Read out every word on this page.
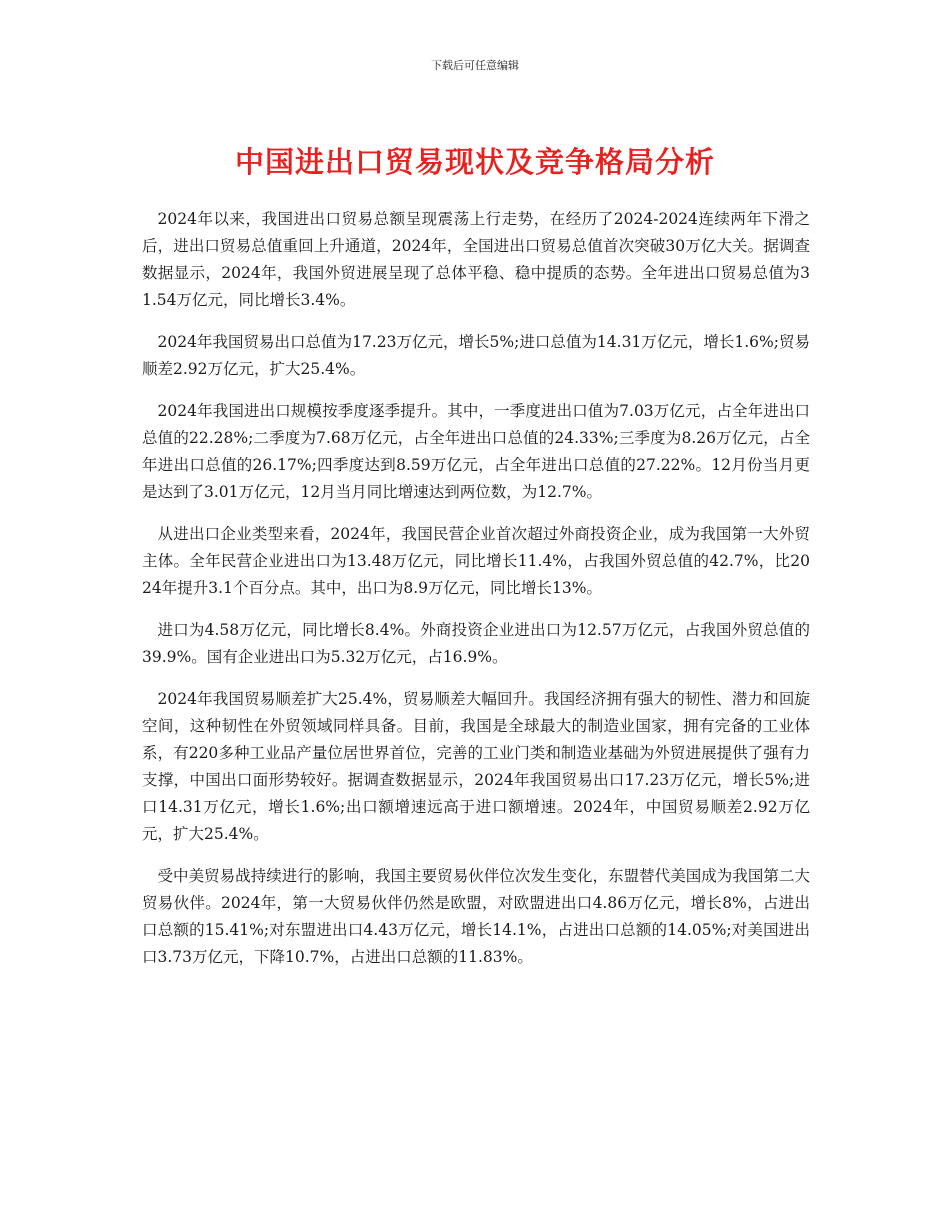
下载后可任意编辑
中国进出口贸易现状及竞争格局分析

2024年以来，我国进出口贸易总额呈现震荡上行走势，在经历了2024-2024连续两年下滑之后，进出口贸易总值重回上升通道，2024年，全国进出口贸易总值首次突破30万亿大关。据调查数据显示，2024年，我国外贸进展呈现了总体平稳、稳中提质的态势。全年进出口贸易总值为31.54万亿元，同比增长3.4%。

2024年我国贸易出口总值为17.23万亿元，增长5%;进口总值为14.31万亿元，增长1.6%;贸易顺差2.92万亿元，扩大25.4%。

2024年我国进出口规模按季度逐季提升。其中，一季度进出口值为7.03万亿元，占全年进出口总值的22.28%;二季度为7.68万亿元，占全年进出口总值的24.33%;三季度为8.26万亿元，占全年进出口总值的26.17%;四季度达到8.59万亿元，占全年进出口总值的27.22%。12月份当月更是达到了3.01万亿元，12月当月同比增速达到两位数，为12.7%。

从进出口企业类型来看，2024年，我国民营企业首次超过外商投资企业，成为我国第一大外贸主体。全年民营企业进出口为13.48万亿元，同比增长11.4%，占我国外贸总值的42.7%，比2024年提升3.1个百分点。其中，出口为8.9万亿元，同比增长13%。

进口为4.58万亿元，同比增长8.4%。外商投资企业进出口为12.57万亿元，占我国外贸总值的39.9%。国有企业进出口为5.32万亿元，占16.9%。

2024年我国贸易顺差扩大25.4%，贸易顺差大幅回升。我国经济拥有强大的韧性、潜力和回旋空间，这种韧性在外贸领域同样具备。目前，我国是全球最大的制造业国家，拥有完备的工业体系，有220多种工业品产量位居世界首位，完善的工业门类和制造业基础为外贸进展提供了强有力支撑，中国出口面形势较好。据调查数据显示，2024年我国贸易出口17.23万亿元，增长5%;进口14.31万亿元，增长1.6%;出口额增速远高于进口额增速。2024年，中国贸易顺差2.92万亿元，扩大25.4%。

受中美贸易战持续进行的影响，我国主要贸易伙伴位次发生变化，东盟替代美国成为我国第二大贸易伙伴。2024年，第一大贸易伙伴仍然是欧盟，对欧盟进出口4.86万亿元，增长8%，占进出口总额的15.41%;对东盟进出口4.43万亿元，增长14.1%，占进出口总额的14.05%;对美国进出口3.73万亿元，下降10.7%，占进出口总额的11.83%。
